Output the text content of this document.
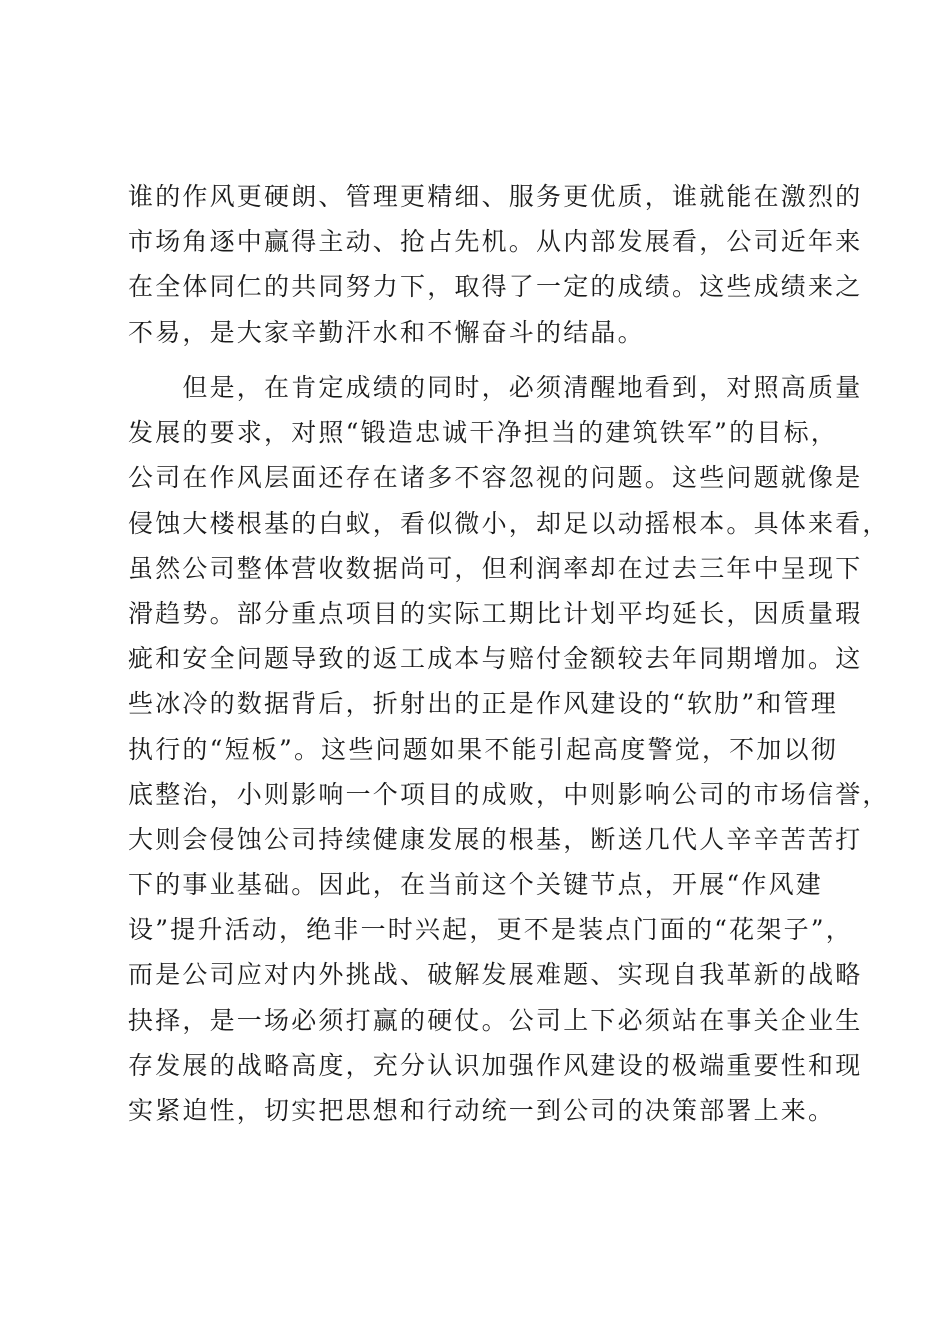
谁的作风更硬朗、管理更精细、服务更优质，谁就能在激烈的
市场角逐中赢得主动、抢占先机。从内部发展看，公司近年来
在全体同仁的共同努力下，取得了一定的成绩。这些成绩来之
不易，是大家辛勤汗水和不懈奋斗的结晶。
　　但是，在肯定成绩的同时，必须清醒地看到，对照高质量
发展的要求，对照“锻造忠诚干净担当的建筑铁军”的目标，
公司在作风层面还存在诸多不容忽视的问题。这些问题就像是
侵蚀大楼根基的白蚁，看似微小，却足以动摇根本。具体来看，
虽然公司整体营收数据尚可，但利润率却在过去三年中呈现下
滑趋势。部分重点项目的实际工期比计划平均延长，因质量瑕
疵和安全问题导致的返工成本与赔付金额较去年同期增加。这
些冰冷的数据背后，折射出的正是作风建设的“软肋”和管理
执行的“短板”。这些问题如果不能引起高度警觉，不加以彻
底整治，小则影响一个项目的成败，中则影响公司的市场信誉，
大则会侵蚀公司持续健康发展的根基，断送几代人辛辛苦苦打
下的事业基础。因此，在当前这个关键节点，开展“作风建
设”提升活动，绝非一时兴起，更不是装点门面的“花架子”，
而是公司应对内外挑战、破解发展难题、实现自我革新的战略
抉择，是一场必须打赢的硬仗。公司上下必须站在事关企业生
存发展的战略高度，充分认识加强作风建设的极端重要性和现
实紧迫性，切实把思想和行动统一到公司的决策部署上来。
